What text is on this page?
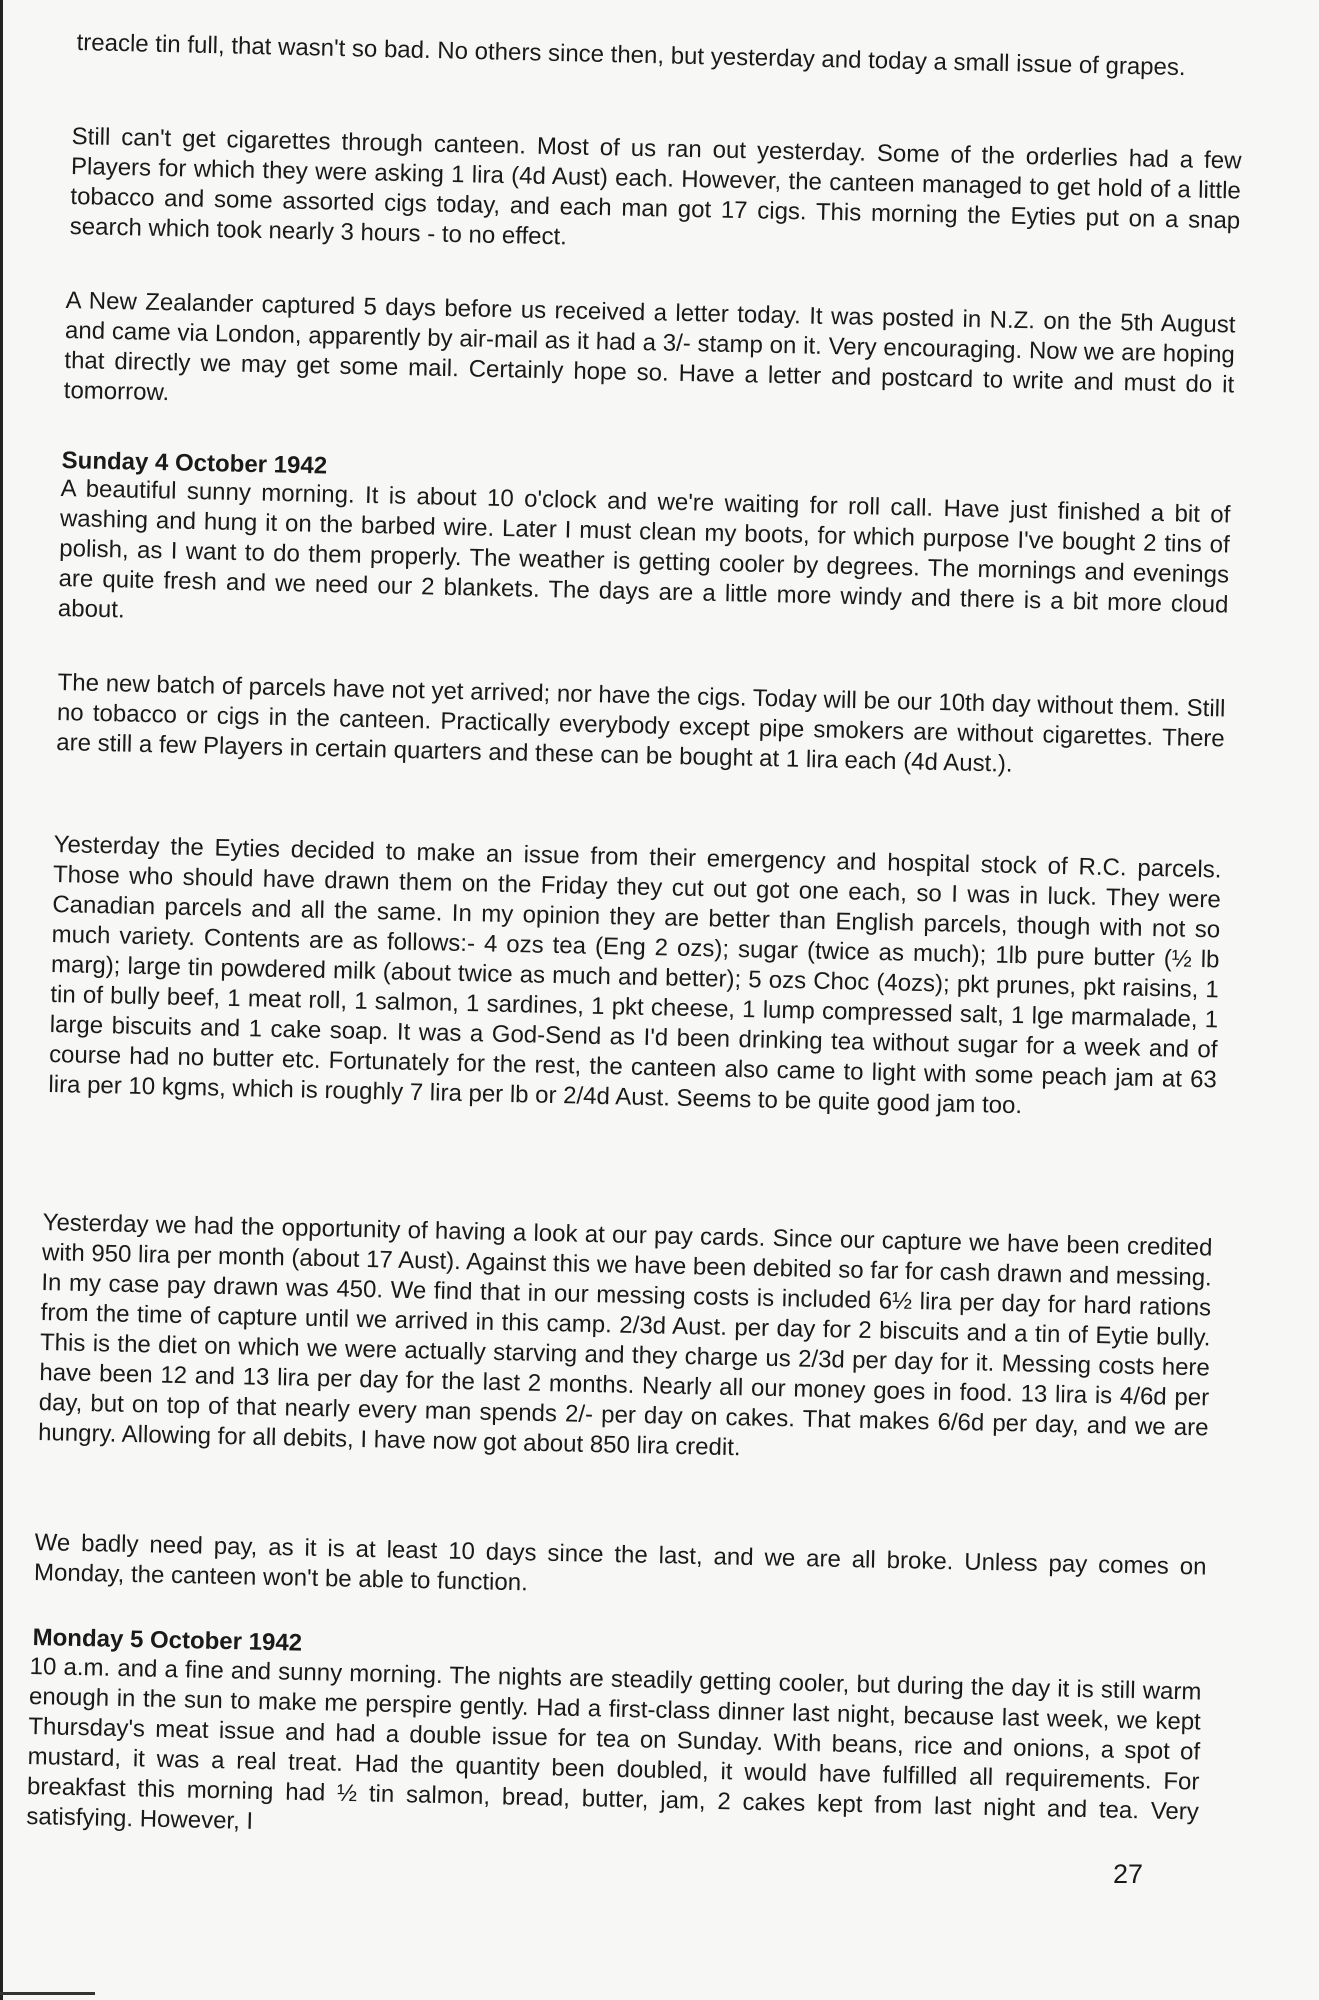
treacle tin full, that wasn't so bad. No others since then, but yesterday and today a small issue of grapes.

Still can't get cigarettes through canteen. Most of us ran out yesterday. Some of the orderlies had a few Players for which they were asking 1 lira (4d Aust) each. However, the canteen managed to get hold of a little tobacco and some assorted cigs today, and each man got 17 cigs. This morning the Eyties put on a snap search which took nearly 3 hours - to no effect.

A New Zealander captured 5 days before us received a letter today. It was posted in N.Z. on the 5th August and came via London, apparently by air-mail as it had a 3/- stamp on it. Very encouraging. Now we are hoping that directly we may get some mail. Certainly hope so. Have a letter and postcard to write and must do it tomorrow.

Sunday 4 October 1942

A beautiful sunny morning. It is about 10 o'clock and we're waiting for roll call. Have just finished a bit of washing and hung it on the barbed wire. Later I must clean my boots, for which purpose I've bought 2 tins of polish, as I want to do them properly. The weather is getting cooler by degrees. The mornings and evenings are quite fresh and we need our 2 blankets. The days are a little more windy and there is a bit more cloud about.

The new batch of parcels have not yet arrived; nor have the cigs. Today will be our 10th day without them. Still no tobacco or cigs in the canteen. Practically everybody except pipe smokers are without cigarettes. There are still a few Players in certain quarters and these can be bought at 1 lira each (4d Aust.).

Yesterday the Eyties decided to make an issue from their emergency and hospital stock of R.C. parcels. Those who should have drawn them on the Friday they cut out got one each, so I was in luck. They were Canadian parcels and all the same. In my opinion they are better than English parcels, though with not so much variety. Contents are as follows:- 4 ozs tea (Eng 2 ozs); sugar (twice as much); 1lb pure butter (½ lb marg); large tin powdered milk (about twice as much and better); 5 ozs Choc (4ozs); pkt prunes, pkt raisins, 1 tin of bully beef, 1 meat roll, 1 salmon, 1 sardines, 1 pkt cheese, 1 lump compressed salt, 1 lge marmalade, 1 large biscuits and 1 cake soap. It was a God-Send as I'd been drinking tea without sugar for a week and of course had no butter etc. Fortunately for the rest, the canteen also came to light with some peach jam at 63 lira per 10 kgms, which is roughly 7 lira per lb or 2/4d Aust. Seems to be quite good jam too.

Yesterday we had the opportunity of having a look at our pay cards. Since our capture we have been credited with 950 lira per month (about 17 Aust). Against this we have been debited so far for cash drawn and messing. In my case pay drawn was 450. We find that in our messing costs is included 6½ lira per day for hard rations from the time of capture until we arrived in this camp. 2/3d Aust. per day for 2 biscuits and a tin of Eytie bully. This is the diet on which we were actually starving and they charge us 2/3d per day for it. Messing costs here have been 12 and 13 lira per day for the last 2 months. Nearly all our money goes in food. 13 lira is 4/6d per day, but on top of that nearly every man spends 2/- per day on cakes. That makes 6/6d per day, and we are hungry. Allowing for all debits, I have now got about 850 lira credit.

We badly need pay, as it is at least 10 days since the last, and we are all broke. Unless pay comes on Monday, the canteen won't be able to function.

Monday 5 October 1942

10 a.m. and a fine and sunny morning. The nights are steadily getting cooler, but during the day it is still warm enough in the sun to make me perspire gently. Had a first-class dinner last night, because last week, we kept Thursday's meat issue and had a double issue for tea on Sunday. With beans, rice and onions, a spot of mustard, it was a real treat. Had the quantity been doubled, it would have fulfilled all requirements. For breakfast this morning had ½ tin salmon, bread, butter, jam, 2 cakes kept from last night and tea. Very satisfying. However, I

27
